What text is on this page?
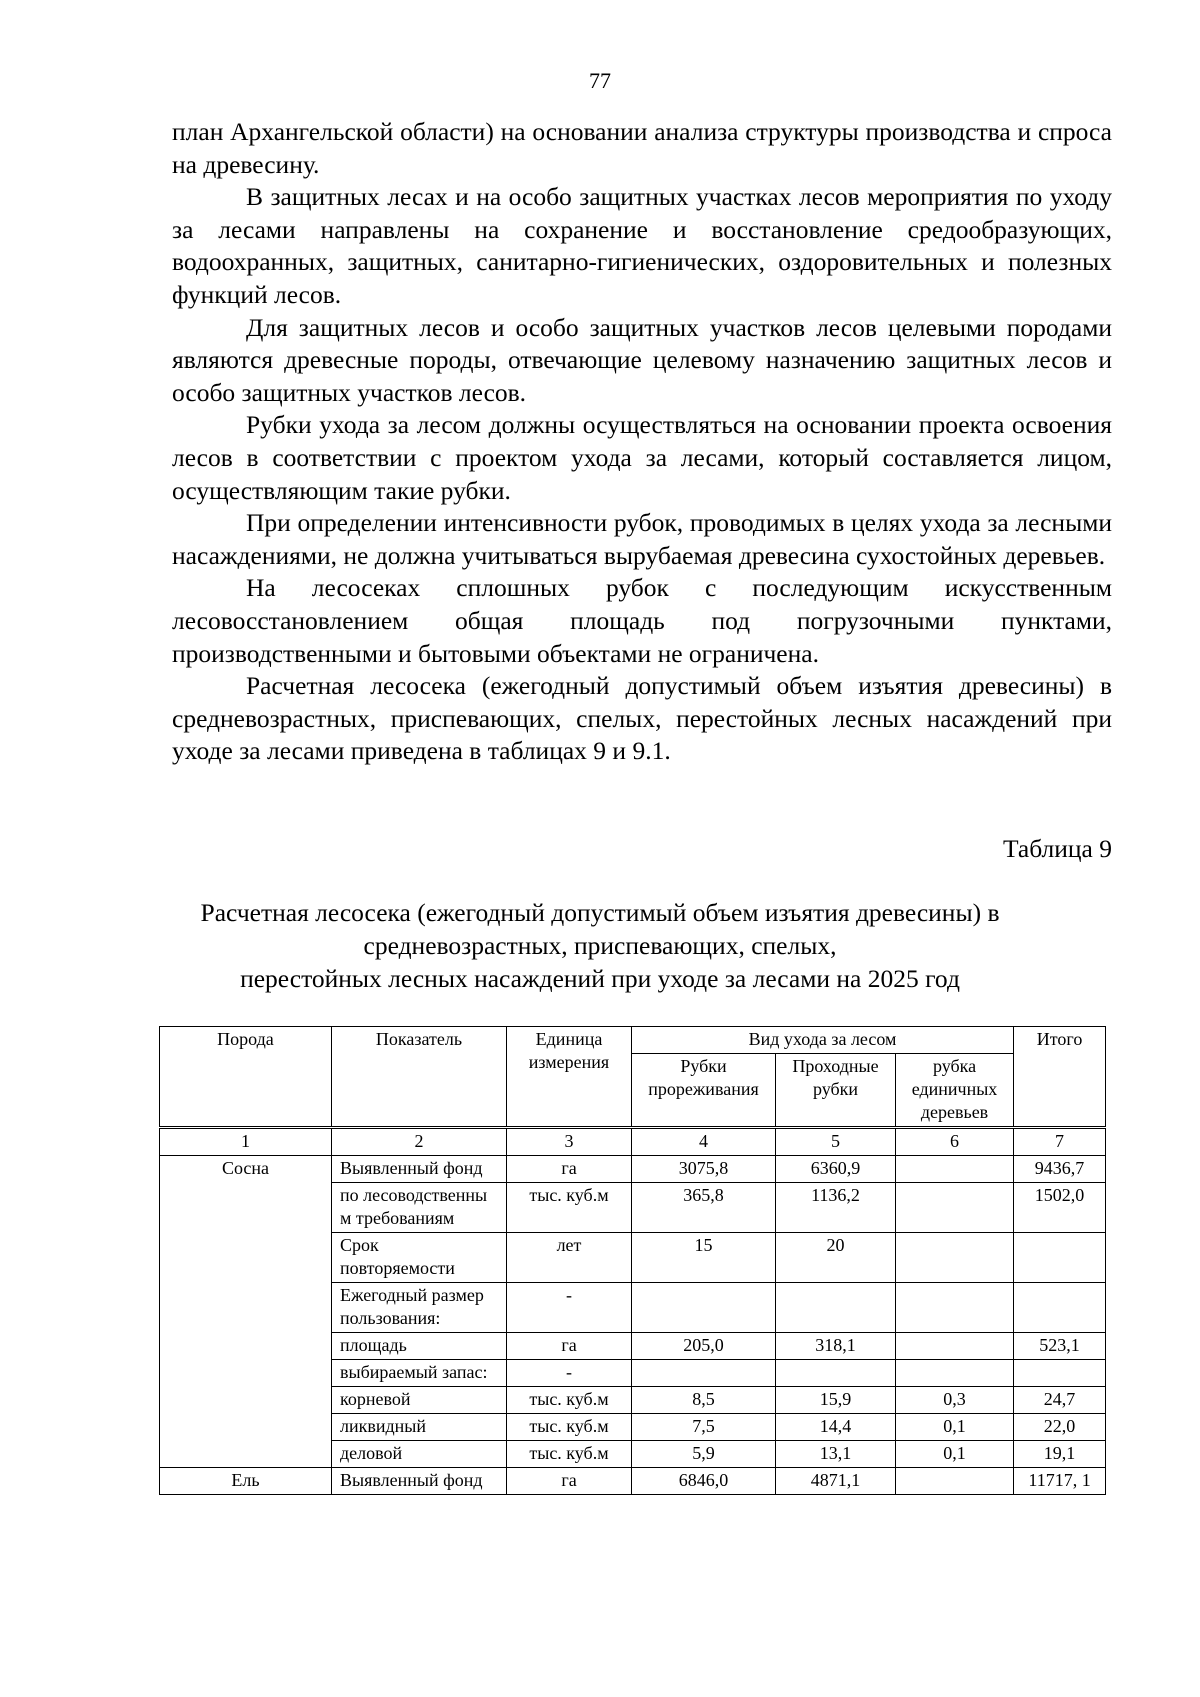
77

план Архангельской области) на основании анализа структуры производства и спроса на древесину.

В защитных лесах и на особо защитных участках лесов мероприятия по уходу за лесами направлены на сохранение и восстановление средообразующих, водоохранных, защитных, санитарно-гигиенических, оздоровительных и полезных функций лесов.

Для защитных лесов и особо защитных участков лесов целевыми породами являются древесные породы, отвечающие целевому назначению защитных лесов и особо защитных участков лесов.

Рубки ухода за лесом должны осуществляться на основании проекта освоения лесов в соответствии с проектом ухода за лесами, который составляется лицом, осуществляющим такие рубки.

При определении интенсивности рубок, проводимых в целях ухода за лесными насаждениями, не должна учитываться вырубаемая древесина сухостойных деревьев.

На лесосеках сплошных рубок с последующим искусственным лесовосстановлением общая площадь под погрузочными пунктами, производственными и бытовыми объектами не ограничена.

Расчетная лесосека (ежегодный допустимый объем изъятия древесины) в средневозрастных, приспевающих, спелых, перестойных лесных насаждений при уходе за лесами приведена в таблицах 9 и 9.1.

Таблица 9
Расчетная лесосека (ежегодный допустимый объем изъятия древесины) в
средневозрастных, приспевающих, спелых,
перестойных лесных насаждений при уходе за лесами на 2025 год
Порода	Показатель	Единица измерения	Вид ухода за лесом			Итого
			Рубки прореживания	Проходные рубки	рубка единичных деревьев	
1	2	3	4	5	6	7
Сосна	Выявленный фонд	га	3075,8	6360,9		9436,7
	по лесоводственны м требованиям	тыс. куб.м	365,8	1136,2		1502,0
	Срок повторяемости	лет	15	20		
	Ежегодный размер пользования:	-				
	площадь	га	205,0	318,1		523,1
	выбираемый запас:	-				
	корневой	тыс. куб.м	8,5	15,9	0,3	24,7
	ликвидный	тыс. куб.м	7,5	14,4	0,1	22,0
	деловой	тыс. куб.м	5,9	13,1	0,1	19,1
Ель	Выявленный фонд	га	6846,0	4871,1		11717, 1
